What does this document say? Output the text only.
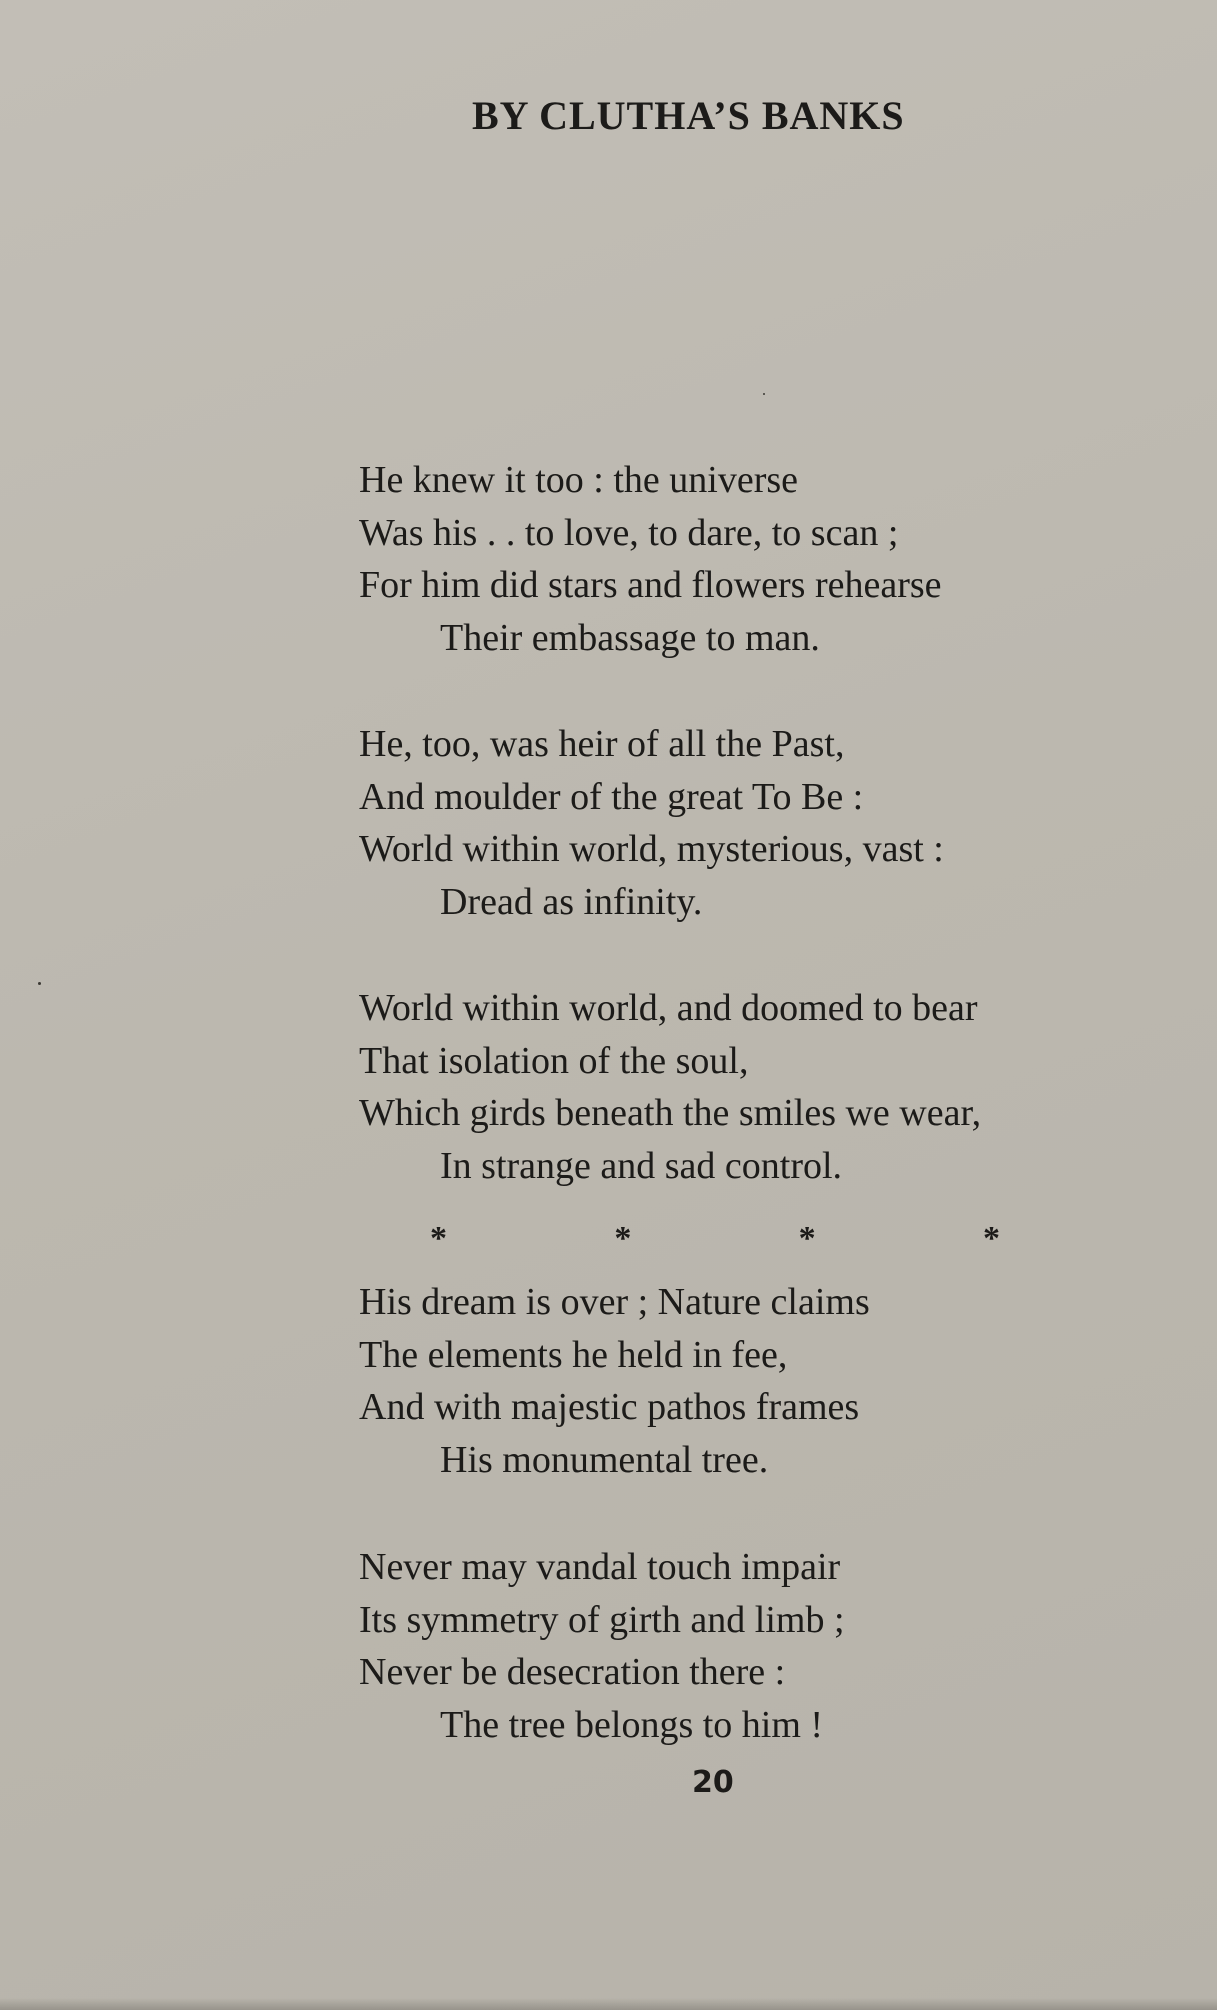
BY CLUTHA’S BANKS
He knew it too : the universe
Was his . . to love, to dare, to scan ;
For him did stars and flowers rehearse
Their embassage to man.
He, too, was heir of all the Past,
And moulder of the great To Be :
World within world, mysterious, vast :
Dread as infinity.
World within world, and doomed to bear
That isolation of the soul,
Which girds beneath the smiles we wear,
In strange and sad control.
His dream is over ; Nature claims
The elements he held in fee,
And with majestic pathos frames
His monumental tree.
Never may vandal touch impair
Its symmetry of girth and limb ;
Never be desecration there :
The tree belongs to him !
*	*	*	*

20
